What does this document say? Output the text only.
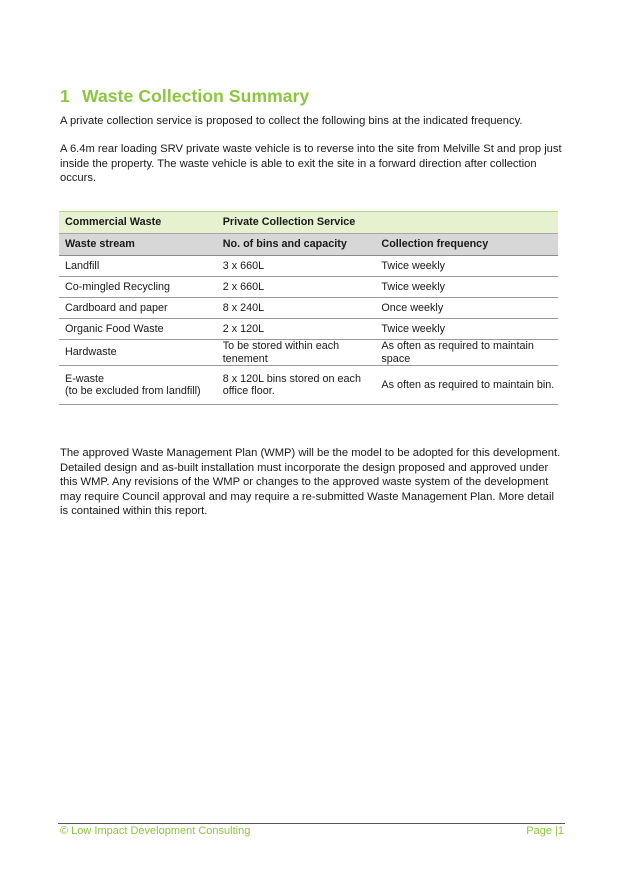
1 Waste Collection Summary

A private collection service is proposed to collect the following bins at the indicated frequency.

A 6.4m rear loading SRV private waste vehicle is to reverse into the site from Melville St and prop just inside the property. The waste vehicle is able to exit the site in a forward direction after collection occurs.

Commercial Waste	Private Collection Service	
Waste stream	No. of bins and capacity	Collection frequency
Landfill	3 x 660L	Twice weekly
Co-mingled Recycling	2 x 660L	Twice weekly
Cardboard and paper	8 x 240L	Once weekly
Organic Food Waste	2 x 120L	Twice weekly
Hardwaste	To be stored within each tenement	As often as required to maintain space
E-waste
(to be excluded from landfill)	8 x 120L bins stored on each office floor.	As often as required to maintain bin.

The approved Waste Management Plan (WMP) will be the model to be adopted for this development. Detailed design and as-built installation must incorporate the design proposed and approved under this WMP. Any revisions of the WMP or changes to the approved waste system of the development may require Council approval and may require a re-submitted Waste Management Plan. More detail is contained within this report.

© Low Impact Development Consulting	Page |1
